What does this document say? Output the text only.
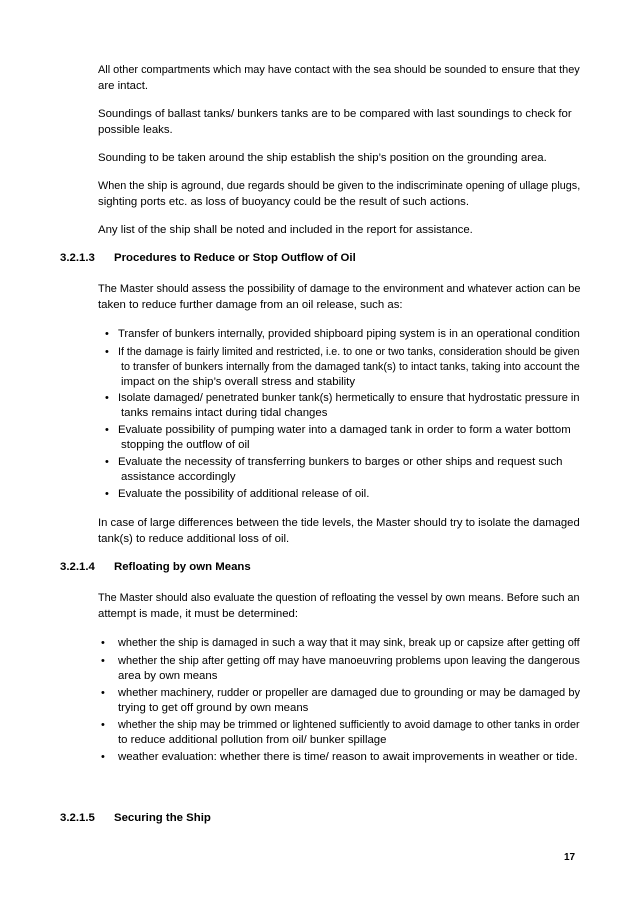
All other compartments which may have contact with the sea should be sounded to ensure that they
are intact.
Soundings of ballast tanks/ bunkers tanks are to be compared with last soundings to check for
possible leaks.
Sounding to be taken around the ship establish the ship’s position on the grounding area.
When the ship is aground, due regards should be given to the indiscriminate opening of ullage plugs,
sighting ports etc. as loss of buoyancy could be the result of such actions.
Any list of the ship shall be noted and included in the report for assistance.
3.2.1.3 Procedures to Reduce or Stop Outflow of Oil
The Master should assess the possibility of damage to the environment and whatever action can be
taken to reduce further damage from an oil release, such as:
• Transfer of bunkers internally, provided shipboard piping system is in an operational condition
• If the damage is fairly limited and restricted, i.e. to one or two tanks, consideration should be given
to transfer of bunkers internally from the damaged tank(s) to intact tanks, taking into account the
impact on the ship’s overall stress and stability
• Isolate damaged/ penetrated bunker tank(s) hermetically to ensure that hydrostatic pressure in
tanks remains intact during tidal changes
• Evaluate possibility of pumping water into a damaged tank in order to form a water bottom
stopping the outflow of oil
• Evaluate the necessity of transferring bunkers to barges or other ships and request such
assistance accordingly
• Evaluate the possibility of additional release of oil.
In case of large differences between the tide levels, the Master should try to isolate the damaged
tank(s) to reduce additional loss of oil.
3.2.1.4 Refloating by own Means
The Master should also evaluate the question of refloating the vessel by own means. Before such an
attempt is made, it must be determined:
• whether the ship is damaged in such a way that it may sink, break up or capsize after getting off
• whether the ship after getting off may have manoeuvring problems upon leaving the dangerous
area by own means
• whether machinery, rudder or propeller are damaged due to grounding or may be damaged by
trying to get off ground by own means
• whether the ship may be trimmed or lightened sufficiently to avoid damage to other tanks in order
to reduce additional pollution from oil/ bunker spillage
• weather evaluation: whether there is time/ reason to await improvements in weather or tide.
3.2.1.5 Securing the Ship
17
